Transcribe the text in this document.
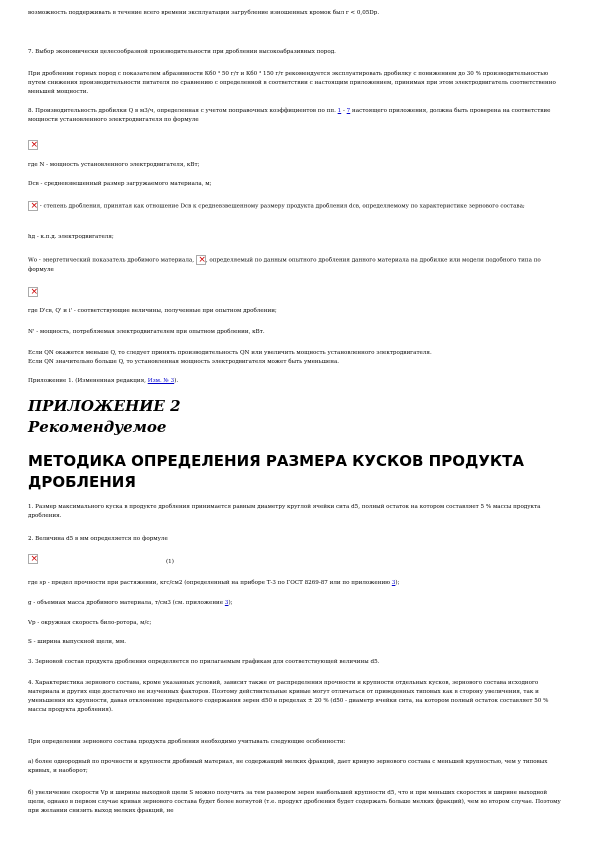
возможность поддерживать в течение всего времени эксплуатации загрубление изношенных кромок был r < 0,05Dр.

7. Выбор экономически целесообразной производительности при дроблении высокоабразивных пород.

При дроблении горных пород с показателем абразивности Кб0 ³ 50 г/т и Кб0 ³ 150 г/т рекомендуется эксплуатировать дробилку с понижением до 30 % производительностью путем снижения производительности питателя по сравнению с определенной в соответствии с настоящим приложением, принимая при этом электродвигатель соответственно меньшей мощности.

8. Производительность дробилки Q в м3/ч, определенная с учетом поправочных коэффициентов по пп. 1 - 7 настоящего приложения, должна быть проверена на соответствие мощности установленного электродвигателя по формуле

×

где N - мощность установленного электродвигателя, кВт;

Dсв - средневзвешенный размер загружаемого материала, м;

× - степень дробления, принятая как отношение Dсв к средневзвешенному размеру продукта дробления dсв, определяемому по характеристике зернового состава;

hд - к.п.д. электродвигателя;

Wо - энергетический показатель дробимого материала, ×, определяемый по данным опытного дробления данного материала на дробилке или модели подобного типа по формуле

×

где D'св, Q' и i' - соответствующие величины, полученные при опытном дроблении;

N' - мощность, потребляемая электродвигателем при опытном дроблении, кВт.

Если QN окажется меньше Q, то следует принять производительность QN или увеличить мощность установленного электродвигателя.

Если QN значительно больше Q, то установленная мощность электродвигателя может быть уменьшена.

Приложение 1. (Измененная редакция, Изм. № 3).

ПРИЛОЖЕНИЕ 2
Рекомендуемое
МЕТОДИКА ОПРЕДЕЛЕНИЯ РАЗМЕРА КУСКОВ ПРОДУКТА
ДРОБЛЕНИЯ

1. Размер максимального куска в продукте дробления принимается равным диаметру круглой ячейки сита d5, полный остаток на котором составляет 5 % массы продукта дробления.

2. Величина d5 в мм определяется по формуле

×
(1)

где sр - предел прочности при растяжении, кгс/см2 (определенный на приборе Т-3 по ГОСТ 8269-87 или по приложению 3);

g - объемная масса дробимого материала, т/см3 (см. приложение 3);

Vр - окружная скорость било-ротора, м/с;

S - ширина выпускной щели, мм.

3. Зерновой состав продукта дробления определяется по прилагаемым графикам для соответствующей величины d5.

4. Характеристика зернового состава, кроме указанных условий, зависит также от распределения прочности и крупности отдельных кусков, зернового состава исходного материала и других еще достаточно не изученных факторов. Поэтому действительные кривые могут отличаться от приведенных типовых как в сторону увеличения, так и уменьшения их крупности, давая отклонение предельного содержания зерен d50 в пределах ± 20 % (d50 - диаметр ячейки сита, на котором полный остаток составляет 50 % массы продукта дробления).

При определении зернового состава продукта дробления необходимо учитывать следующие особенности:

а) более однородный по прочности и крупности дробимый материал, не содержащий мелких фракций, дает кривую зернового состава с меньшей крупностью, чем у типовых кривых, и наоборот;

б) увеличение скорости Vр и ширины выходной щели S можно получить за тем размером зерен наибольшей крупности d5, что и при меньших скоростях и ширине выходной щели, однако в первом случае кривая зернового состава будет более вогнутой (т.е. продукт дробления будет содержать больше мелких фракций), чем во втором случае. Поэтому при желании снизить выход мелких фракций, не
